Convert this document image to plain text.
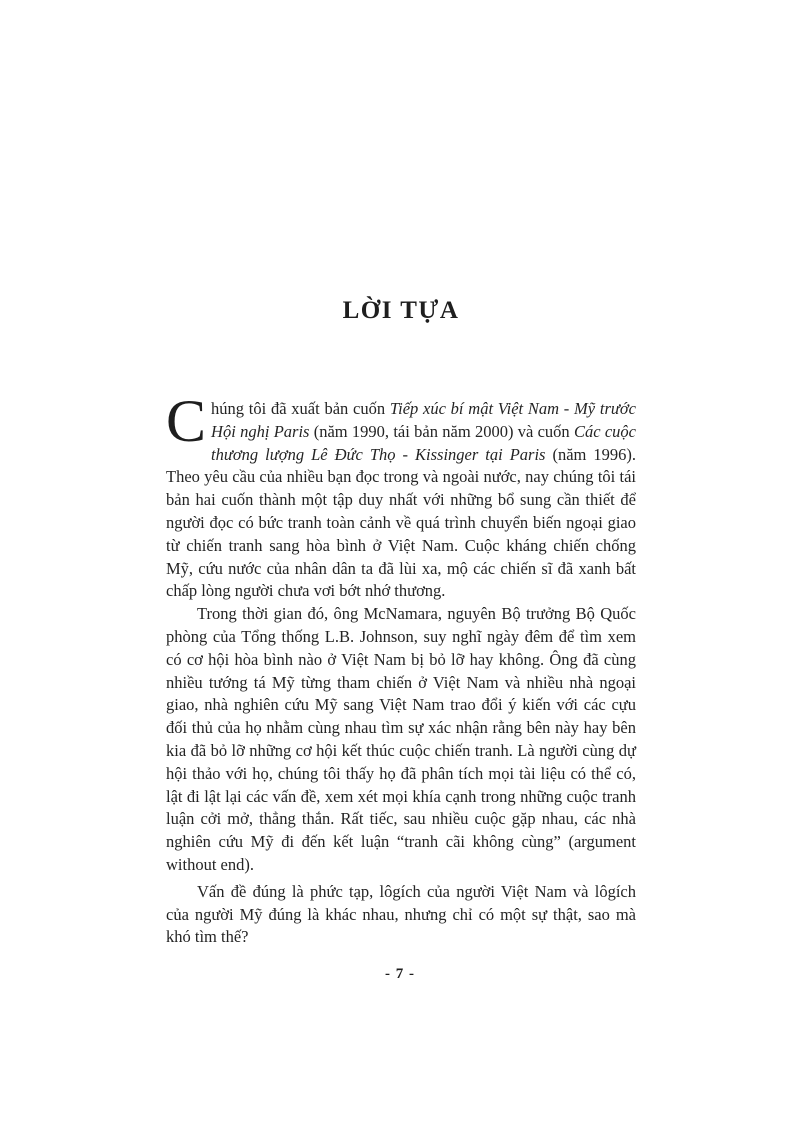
LỜI TỰA

Chúng tôi đã xuất bản cuốn Tiếp xúc bí mật Việt Nam - Mỹ trước Hội nghị Paris (năm 1990, tái bản năm 2000) và cuốn Các cuộc thương lượng Lê Đức Thọ - Kissinger tại Paris (năm 1996). Theo yêu cầu của nhiều bạn đọc trong và ngoài nước, nay chúng tôi tái bản hai cuốn thành một tập duy nhất với những bổ sung cần thiết để người đọc có bức tranh toàn cảnh về quá trình chuyển biến ngoại giao từ chiến tranh sang hòa bình ở Việt Nam. Cuộc kháng chiến chống Mỹ, cứu nước của nhân dân ta đã lùi xa, mộ các chiến sĩ đã xanh bất chấp lòng người chưa vơi bớt nhớ thương.

Trong thời gian đó, ông McNamara, nguyên Bộ trưởng Bộ Quốc phòng của Tổng thống L.B. Johnson, suy nghĩ ngày đêm để tìm xem có cơ hội hòa bình nào ở Việt Nam bị bỏ lỡ hay không. Ông đã cùng nhiều tướng tá Mỹ từng tham chiến ở Việt Nam và nhiều nhà ngoại giao, nhà nghiên cứu Mỹ sang Việt Nam trao đổi ý kiến với các cựu đối thủ của họ nhằm cùng nhau tìm sự xác nhận rằng bên này hay bên kia đã bỏ lỡ những cơ hội kết thúc cuộc chiến tranh. Là người cùng dự hội thảo với họ, chúng tôi thấy họ đã phân tích mọi tài liệu có thể có, lật đi lật lại các vấn đề, xem xét mọi khía cạnh trong những cuộc tranh luận cởi mở, thẳng thắn. Rất tiếc, sau nhiều cuộc gặp nhau, các nhà nghiên cứu Mỹ đi đến kết luận “tranh cãi không cùng” (argument without end).

Vấn đề đúng là phức tạp, lôgích của người Việt Nam và lôgích của người Mỹ đúng là khác nhau, nhưng chỉ có một sự thật, sao mà khó tìm thế?

- 7 -
